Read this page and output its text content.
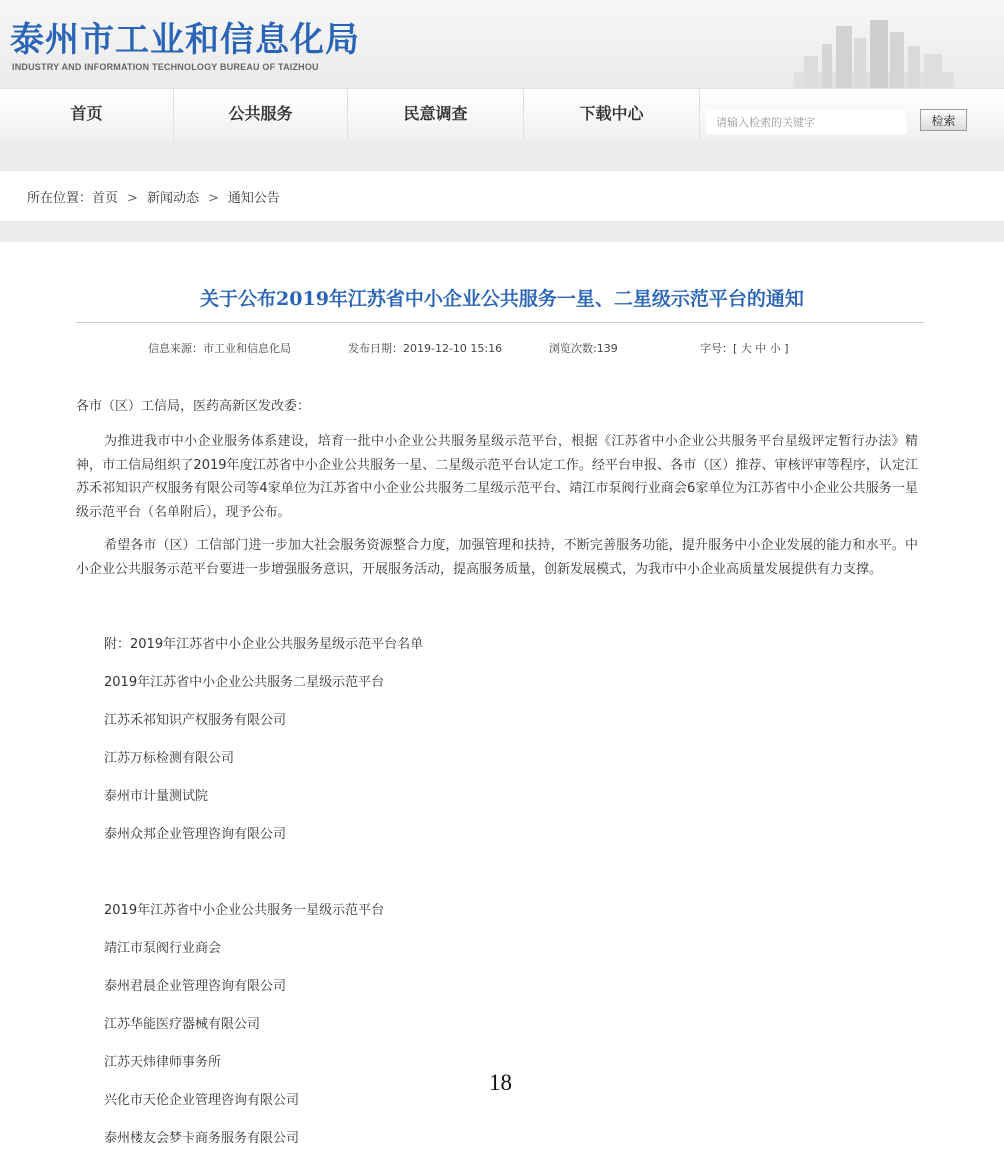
泰州市工业和信息化局
INDUSTRY AND INFORMATION TECHNOLOGY BUREAU OF TAIZHOU
首页	公共服务	民意调查	下载中心
请输入检索的关键字	检索
所在位置：首页 > 新闻动态 > 通知公告
关于公布2019年江苏省中小企业公共服务一星、二星级示范平台的通知
信息来源：市工业和信息化局	发布日期：2019-12-10 15:16	浏览次数:139	字号：[ 大 中 小 ]

各市（区）工信局，医药高新区发改委：

为推进我市中小企业服务体系建设，培育一批中小企业公共服务星级示范平台，根据《江苏省中小企业公共服务平台星级评定暂行办法》精神，市工信局组织了2019年度江苏省中小企业公共服务一星、二星级示范平台认定工作。经平台申报、各市（区）推荐、审核评审等程序，认定江苏禾祁知识产权服务有限公司等4家单位为江苏省中小企业公共服务二星级示范平台、靖江市泵阀行业商会6家单位为江苏省中小企业公共服务一星级示范平台（名单附后），现予公布。

希望各市（区）工信部门进一步加大社会服务资源整合力度，加强管理和扶持，不断完善服务功能，提升服务中小企业发展的能力和水平。中小企业公共服务示范平台要进一步增强服务意识，开展服务活动，提高服务质量，创新发展模式，为我市中小企业高质量发展提供有力支撑。

附：2019年江苏省中小企业公共服务星级示范平台名单
2019年江苏省中小企业公共服务二星级示范平台
江苏禾祁知识产权服务有限公司
江苏万标检测有限公司
泰州市计量测试院
泰州众邦企业管理咨询有限公司
2019年江苏省中小企业公共服务一星级示范平台
靖江市泵阀行业商会
泰州君晨企业管理咨询有限公司
江苏华能医疗器械有限公司
江苏天炜律师事务所
兴化市天伦企业管理咨询有限公司
泰州楼友会梦卡商务服务有限公司
18
